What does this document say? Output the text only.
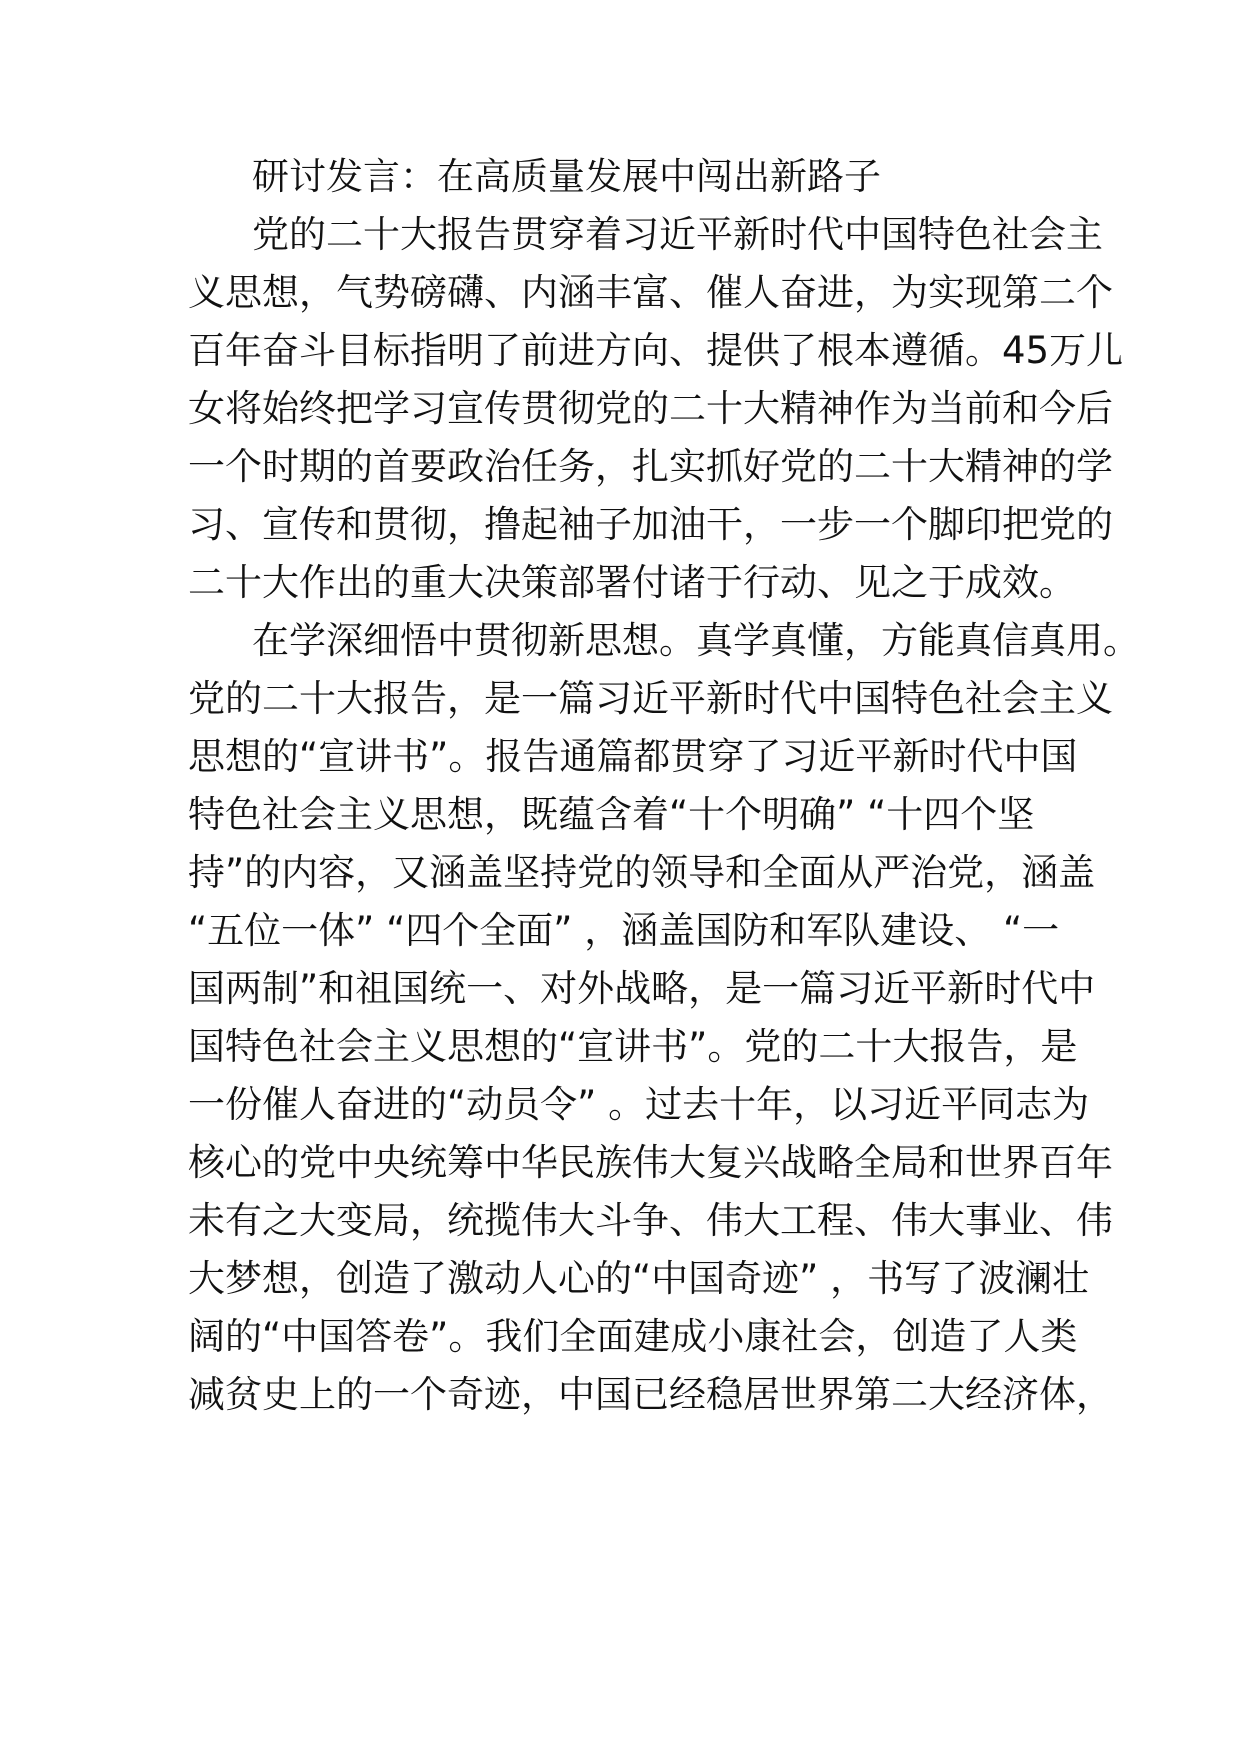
研讨发言：在高质量发展中闯出新路子
党的二十大报告贯穿着习近平新时代中国特色社会主
义思想，气势磅礴、内涵丰富、催人奋进，为实现第二个
百年奋斗目标指明了前进方向、提供了根本遵循。45万儿
女将始终把学习宣传贯彻党的二十大精神作为当前和今后
一个时期的首要政治任务，扎实抓好党的二十大精神的学
习、宣传和贯彻，撸起袖子加油干，一步一个脚印把党的
二十大作出的重大决策部署付诸于行动、见之于成效。
在学深细悟中贯彻新思想。真学真懂，方能真信真用。
党的二十大报告，是一篇习近平新时代中国特色社会主义
思想的“宣讲书”。报告通篇都贯穿了习近平新时代中国
特色社会主义思想，既蕴含着“十个明确” “十四个坚
持”的内容，又涵盖坚持党的领导和全面从严治党，涵盖
“五位一体” “四个全面” ，涵盖国防和军队建设、 “一
国两制”和祖国统一、对外战略，是一篇习近平新时代中
国特色社会主义思想的“宣讲书”。党的二十大报告，是
一份催人奋进的“动员令” 。过去十年，以习近平同志为
核心的党中央统筹中华民族伟大复兴战略全局和世界百年
未有之大变局，统揽伟大斗争、伟大工程、伟大事业、伟
大梦想，创造了激动人心的“中国奇迹” ，书写了波澜壮
阔的“中国答卷”。我们全面建成小康社会，创造了人类
减贫史上的一个奇迹，中国已经稳居世界第二大经济体，
